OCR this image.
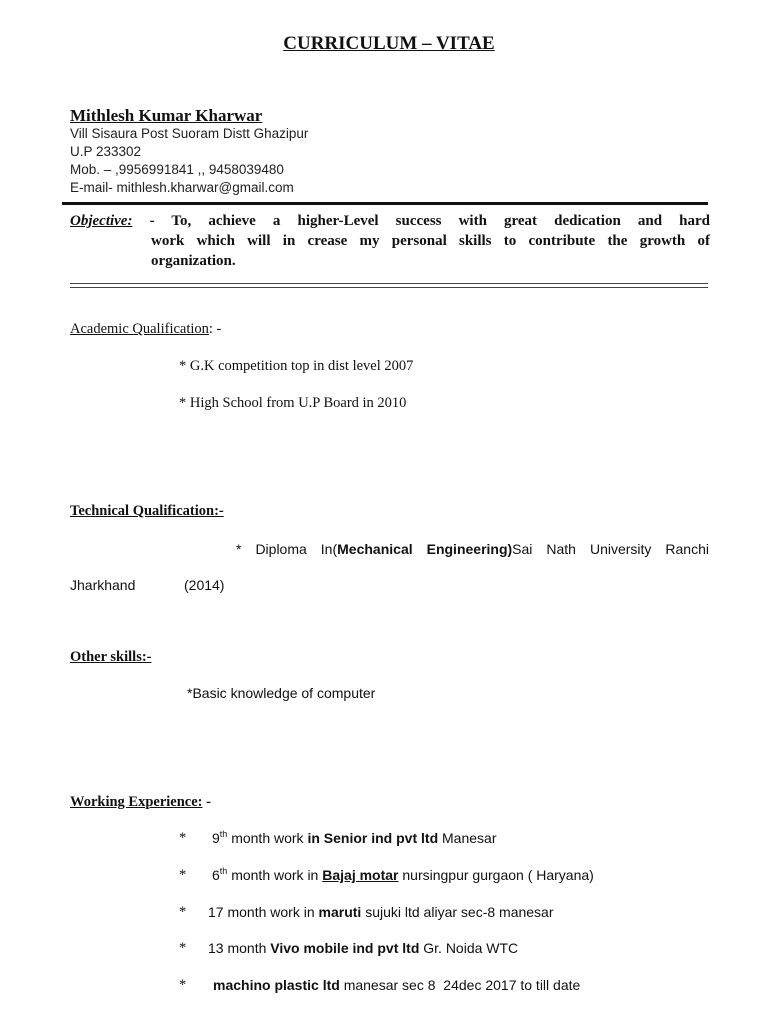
CURRICULUM – VITAE
Mithlesh Kumar Kharwar
Vill Sisaura Post Suoram Distt Ghazipur
U.P 233302
Mob. – ,9956991841 ,, 9458039480
E-mail- mithlesh.kharwar@gmail.com
Objective: - To, achieve a higher-Level success with great dedication and hard
work which will in crease my personal skills to contribute the growth of
organization.
Academic Qualification: -
* G.K competition top in dist level 2007
* High School from U.P Board in 2010
Technical Qualification:-
* Diploma In(Mechanical Engineering)Sai Nath University Ranchi
Jharkhand	(2014)
Other skills:-
*Basic knowledge of computer
Working Experience: -
* 9th month work in Senior ind pvt ltd Manesar
* 6th month work in Bajaj motar nursingpur gurgaon ( Haryana)
* 17 month work in maruti sujuki ltd aliyar sec-8 manesar
* 13 month Vivo mobile ind pvt ltd Gr. Noida WTC
* machino plastic ltd manesar sec 8  24dec 2017 to till date
